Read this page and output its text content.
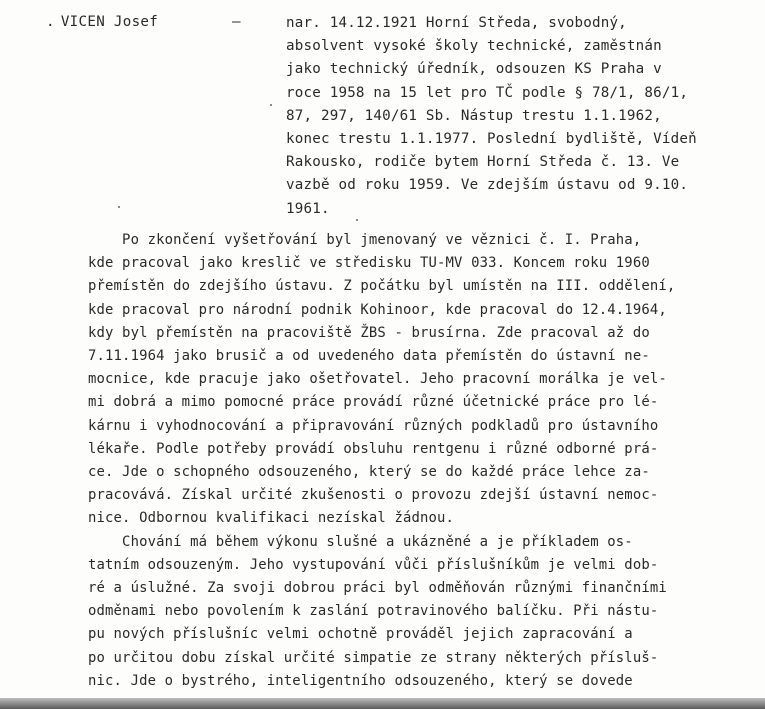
. VICEN Josef	–	nar. 14.12.1921 Horní Středa, svobodný,
absolvent vysoké školy technické, zaměstnán
jako technický úředník, odsouzen KS Praha v
roce 1958 na 15 let pro TČ podle § 78/1, 86/1,
87, 297, 140/61 Sb. Nástup trestu 1.1.1962,
konec trestu 1.1.1977. Poslední bydliště, Vídeň
Rakousko, rodiče bytem Horní Středa č. 13. Ve
vazbě od roku 1959. Ve zdejším ústavu od 9.10.
1961.
Po zkončení vyšetřování byl jmenovaný ve věznici č. I. Praha,
kde pracoval jako kreslič ve středisku TU-MV 033. Koncem roku 1960
přemístěn do zdejšího ústavu. Z počátku byl umístěn na III. oddělení,
kde pracoval pro národní podnik Kohinoor, kde pracoval do 12.4.1964,
kdy byl přemístěn na pracoviště ŽBS - brusírna. Zde pracoval až do
7.11.1964 jako brusič a od uvedeného data přemístěn do ústavní ne-
mocnice, kde pracuje jako ošetřovatel. Jeho pracovní morálka je vel-
mi dobrá a mimo pomocné práce provádí různé účetnické práce pro lé-
kárnu i vyhodnocování a připravování různých podkladů pro ústavního
lékaře. Podle potřeby provádí obsluhu rentgenu i různé odborné prá-
ce. Jde o schopného odsouzeného, který se do každé práce lehce za-
pracovává. Získal určité zkušenosti o provozu zdejší ústavní nemoc-
nice. Odbornou kvalifikaci nezískal žádnou.
Chování má během výkonu slušné a ukázněné a je příkladem os-
tatním odsouzeným. Jeho vystupování vůči příslušníkům je velmi dob-
ré a úslužné. Za svoji dobrou práci byl odměňován různými finančními
odměnami nebo povolením k zaslání potravinového balíčku. Při nástu-
pu nových příslušníc velmi ochotně prováděl jejich zapracování a
po určitou dobu získal určité simpatie ze strany některých přísluš-
nic. Jde o bystrého, inteligentního odsouzeného, který se dovede
